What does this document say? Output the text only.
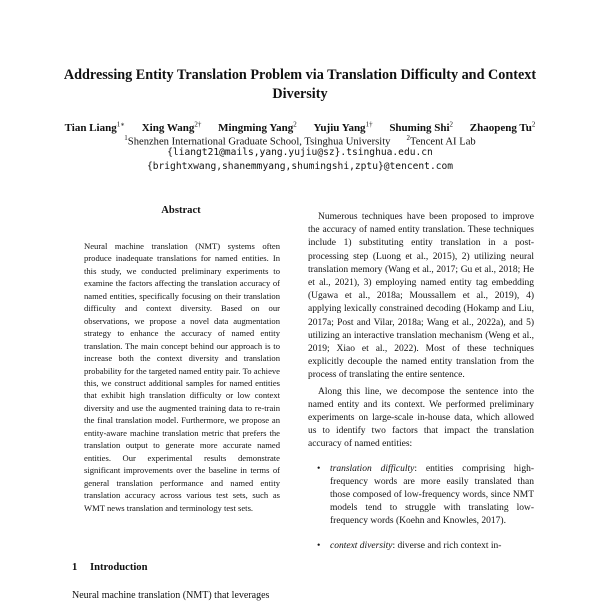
Addressing Entity Translation Problem via Translation Difficulty and Context Diversity
Tian Liang$^{1∗}$ Xing Wang$^{2\dagger}$ Mingming Yang$^2$ Yujiu Yang$^{1\dagger}$ Shuming Shi$^2$ Zhaopeng Tu$^2$
$^1$Shenzhen International Graduate School, Tsinghua University $^2$Tencent AI Lab
{liangt21@mails,yang.yujiu@sz}.tsinghua.edu.cn
{brightxwang,shanemmyang,shumingshi,zptu}@tencent.com
Abstract
Neural machine translation (NMT) systems often produce inadequate translations for named entities. In this study, we conducted preliminary experiments to examine the factors affecting the translation accuracy of named entities, specifically focusing on their translation difficulty and context diversity. Based on our observations, we propose a novel data augmentation strategy to enhance the accuracy of named entity translation. The main concept behind our approach is to increase both the context diversity and translation probability for the targeted named entity pair. To achieve this, we construct additional samples for named entities that exhibit high translation difficulty or low context diversity and use the augmented training data to re-train the final translation model. Furthermore, we propose an entity-aware machine translation metric that prefers the translation output to generate more accurate named entities. Our experimental results demonstrate significant improvements over the baseline in terms of general translation performance and named entity translation accuracy across various test sets, such as WMT news translation and terminology test sets.
1 Introduction
Neural machine translation (NMT) that leverages

Numerous techniques have been proposed to improve the accuracy of named entity translation. These techniques include 1) substituting entity translation in a post-processing step (Luong et al., 2015), 2) utilizing neural translation memory (Wang et al., 2017; Gu et al., 2018; He et al., 2021), 3) employing named entity tag embedding (Ugawa et al., 2018a; Moussallem et al., 2019), 4) applying lexically constrained decoding (Hokamp and Liu, 2017a; Post and Vilar, 2018a; Wang et al., 2022a), and 5) utilizing an interactive translation mechanism (Weng et al., 2019; Xiao et al., 2022). Most of these techniques explicitly decouple the named entity translation from the process of translating the entire sentence.

Along this line, we decompose the sentence into the named entity and its context. We performed preliminary experiments on large-scale in-house data, which allowed us to identify two factors that impact the translation accuracy of named entities:

• translation difficulty: entities comprising high-frequency words are more easily translated than those composed of low-frequency words, since NMT models tend to struggle with translating low-frequency words (Koehn and Knowles, 2017).
• context diversity: diverse and rich context in-
